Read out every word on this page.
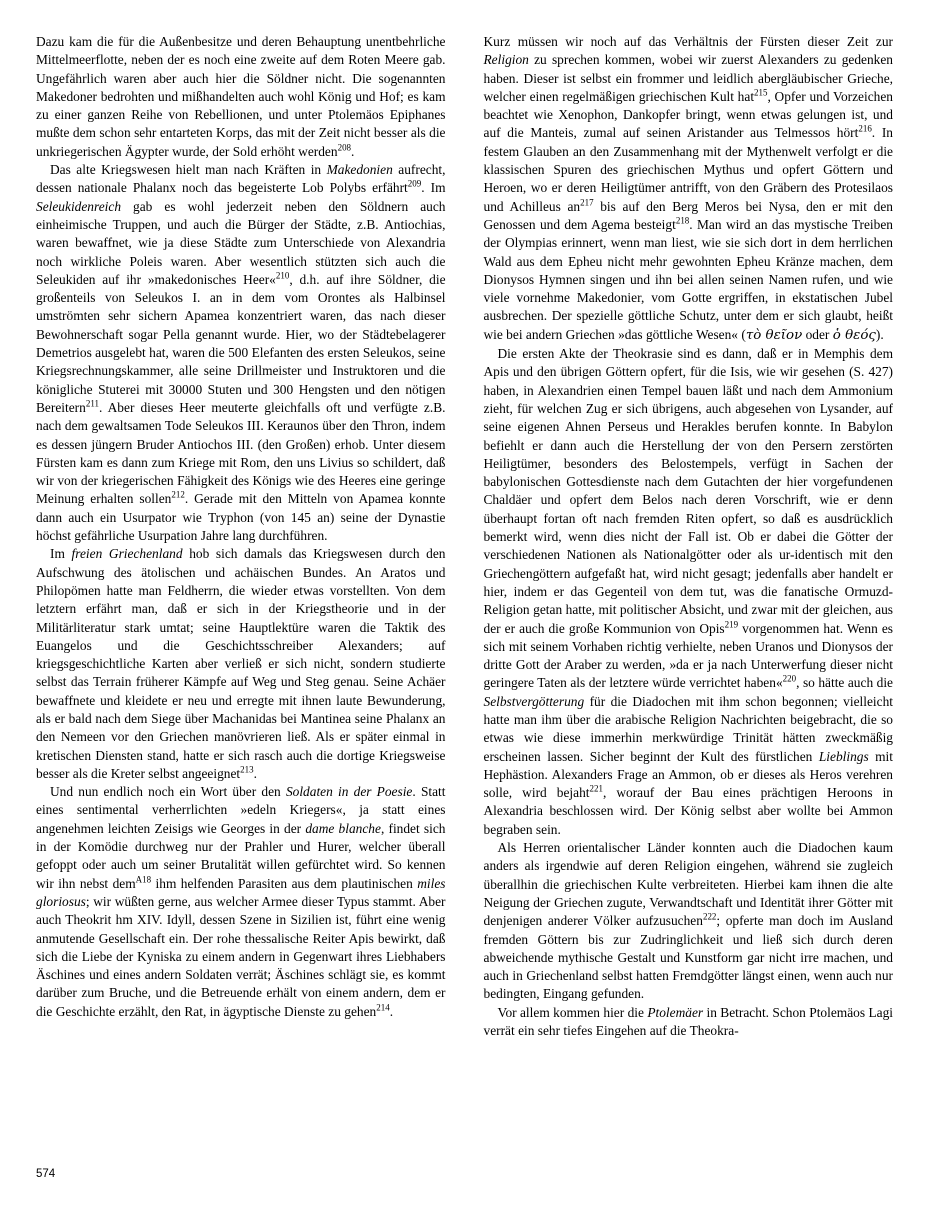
Dazu kam die für die Außenbesitze und deren Behauptung unentbehrliche Mittelmeerflotte, neben der es noch eine zweite auf dem Roten Meere gab. Ungefährlich waren aber auch hier die Söldner nicht. Die sogenannten Makedoner bedrohten und mißhandelten auch wohl König und Hof; es kam zu einer ganzen Reihe von Rebellionen, und unter Ptolemäos Epiphanes mußte dem schon sehr entarteten Korps, das mit der Zeit nicht besser als die unkriegerischen Ägypter wurde, der Sold erhöht werden$^{208}$.

Das alte Kriegswesen hielt man nach Kräften in Makedonien aufrecht, dessen nationale Phalanx noch das begeisterte Lob Polybs erfährt$^{209}$. Im Seleukidenreich gab es wohl jederzeit neben den Söldnern auch einheimische Truppen, und auch die Bürger der Städte, z.B. Antiochias, waren bewaffnet, wie ja diese Städte zum Unterschiede von Alexandria noch wirkliche Poleis waren. Aber wesentlich stützten sich auch die Seleukiden auf ihr »makedonisches Heer«$^{210}$, d.h. auf ihre Söldner, die großenteils von Seleukos I. an in dem vom Orontes als Halbinsel umströmten sehr sichern Apamea konzentriert waren, das nach dieser Bewohnerschaft sogar Pella genannt wurde. Hier, wo der Städtebelagerer Demetrios ausgelebt hat, waren die 500 Elefanten des ersten Seleukos, seine Kriegsrechnungskammer, alle seine Drillmeister und Instruktoren und die königliche Stuterei mit 30000 Stuten und 300 Hengsten und den nötigen Bereitern$^{211}$. Aber dieses Heer meuterte gleichfalls oft und verfügte z.B. nach dem gewaltsamen Tode Seleukos III. Keraunos über den Thron, indem es dessen jüngern Bruder Antiochos III. (den Großen) erhob. Unter diesem Fürsten kam es dann zum Kriege mit Rom, den uns Livius so schildert, daß wir von der kriegerischen Fähigkeit des Königs wie des Heeres eine geringe Meinung erhalten sollen$^{212}$. Gerade mit den Mitteln von Apamea konnte dann auch ein Usurpator wie Tryphon (von 145 an) seine der Dynastie höchst gefährliche Usurpation Jahre lang durchführen.

Im freien Griechenland hob sich damals das Kriegswesen durch den Aufschwung des ätolischen und achäischen Bundes. An Aratos und Philopömen hatte man Feldherrn, die wieder etwas vorstellten. Von dem letztern erfährt man, daß er sich in der Kriegstheorie und in der Militärliteratur stark umtat; seine Hauptlektüre waren die Taktik des Euangelos und die Geschichtsschreiber Alexanders; auf kriegsgeschichtliche Karten aber verließ er sich nicht, sondern studierte selbst das Terrain früherer Kämpfe auf Weg und Steg genau. Seine Achäer bewaffnete und kleidete er neu und erregte mit ihnen laute Bewunderung, als er bald nach dem Siege über Machanidas bei Mantinea seine Phalanx an den Nemeen vor den Griechen manövrieren ließ. Als er später einmal in kretischen Diensten stand, hatte er sich rasch auch die dortige Kriegsweise besser als die Kreter selbst angeeignet$^{213}$.

Und nun endlich noch ein Wort über den Soldaten in der Poesie. Statt eines sentimental verherrlichten »edeln Kriegers«, ja statt eines angenehmen leichten Zeisigs wie Georges in der dame blanche, findet sich in der Komödie durchweg nur der Prahler und Hurer, welcher überall gefoppt oder auch um seiner Brutalität willen gefürchtet wird. So kennen wir ihn nebst dem$^{A18}$ ihm helfenden Parasiten aus dem plautinischen miles gloriosus; wir wüßten gerne, aus welcher Armee dieser Typus stammt. Aber auch Theokrit hm XIV. Idyll, dessen Szene in Sizilien ist, führt eine wenig anmutende Gesellschaft ein. Der rohe thessalische Reiter Apis bewirkt, daß sich die Liebe der Kyniska zu einem andern in Gegenwart ihres Liebhabers Äschines und eines andern Soldaten verrät; Äschines schlägt sie, es kommt darüber zum Bruche, und die Betreuende erhält von einem andern, dem er die Geschichte erzählt, den Rat, in ägyptische Dienste zu gehen$^{214}$.

Kurz müssen wir noch auf das Verhältnis der Fürsten dieser Zeit zur Religion zu sprechen kommen, wobei wir zuerst Alexanders zu gedenken haben. Dieser ist selbst ein frommer und leidlich abergläubischer Grieche, welcher einen regelmäßigen griechischen Kult hat$^{215}$, Opfer und Vorzeichen beachtet wie Xenophon, Dankopfer bringt, wenn etwas gelungen ist, und auf die Manteis, zumal auf seinen Aristander aus Telmessos hört$^{216}$. In festem Glauben an den Zusammenhang mit der Mythenwelt verfolgt er die klassischen Spuren des griechischen Mythus und opfert Göttern und Heroen, wo er deren Heiligtümer antrifft, von den Gräbern des Protesilaos und Achilleus $an^{217}$ bis auf den Berg Meros bei Nysa, den er mit den Genossen und dem Agema besteigt$^{218}$. Man wird an das mystische Treiben der Olympias erinnert, wenn man liest, wie sie sich dort in dem herrlichen Wald aus dem Epheu nicht mehr gewohnten Epheu Kränze machen, dem Dionysos Hymnen singen und ihn bei allen seinen Namen rufen, und wie viele vornehme Makedonier, vom Gotte ergriffen, in ekstatischen Jubel ausbrechen. Der spezielle göttliche Schutz, unter dem er sich glaubt, heißt wie bei andern Griechen »das göttliche Wesen« (τὸ θεῖον oder ὁ θεός).

Die ersten Akte der Theokrasie sind es dann, daß er in Memphis dem Apis und den übrigen Göttern opfert, für die Isis, wie wir gesehen (S. 427) haben, in Alexandrien einen Tempel bauen läßt und nach dem Ammonium zieht, für welchen Zug er sich übrigens, auch abgesehen von Lysander, auf seine eigenen Ahnen Perseus und Herakles berufen konnte. In Babylon befiehlt er dann auch die Herstellung der von den Persern zerstörten Heiligtümer, besonders des Belostempels, verfügt in Sachen der babylonischen Gottesdienste nach dem Gutachten der hier vorgefundenen Chaldäer und opfert dem Belos nach deren Vorschrift, wie er denn überhaupt fortan oft nach fremden Riten opfert, so daß es ausdrücklich bemerkt wird, wenn dies nicht der Fall ist. Ob er dabei die Götter der verschiedenen Nationen als Nationalgötter oder als ur-identisch mit den Griechengöttern aufgefaßt hat, wird nicht gesagt; jedenfalls aber handelt er hier, indem er das Gegenteil von dem tut, was die fanatische Ormuzd-Religion getan hatte, mit politischer Absicht, und zwar mit der gleichen, aus der er auch die große Kommunion von Opis$^{219}$ vorgenommen hat. Wenn es sich mit seinem Vorhaben richtig verhielte, neben Uranos und Dionysos der dritte Gott der Araber zu werden, »da er ja nach Unterwerfung dieser nicht geringere Taten als der letztere würde verrichtet haben«$^{220}$, so hätte auch die Selbstvergötterung für die Diadochen mit ihm schon begonnen; vielleicht hatte man ihm über die arabische Religion Nachrichten beigebracht, die so etwas wie diese immerhin merkwürdige Trinität hätten zweckmäßig erscheinen lassen. Sicher beginnt der Kult des fürstlichen Lieblings mit Hephästion. Alexanders Frage an Ammon, ob er dieses als Heros verehren solle, wird bejaht$^{221}$, worauf der Bau eines prächtigen Heroons in Alexandria beschlossen wird. Der König selbst aber wollte bei Ammon begraben sein.

Als Herren orientalischer Länder konnten auch die Diadochen kaum anders als irgendwie auf deren Religion eingehen, während sie zugleich überallhin die griechischen Kulte verbreiteten. Hierbei kam ihnen die alte Neigung der Griechen zugute, Verwandtschaft und Identität ihrer Götter mit denjenigen anderer Völker aufzusuchen$^{222}$; opferte man doch im Ausland fremden Göttern bis zur Zudringlichkeit und ließ sich durch deren abweichende mythische Gestalt und Kunstform gar nicht irre machen, und auch in Griechenland selbst hatten Fremdgötter längst einen, wenn auch nur bedingten, Eingang gefunden.

Vor allem kommen hier die Ptolemäer in Betracht. Schon Ptolemäos Lagi verrät ein sehr tiefes Eingehen auf die Theokra-

574
